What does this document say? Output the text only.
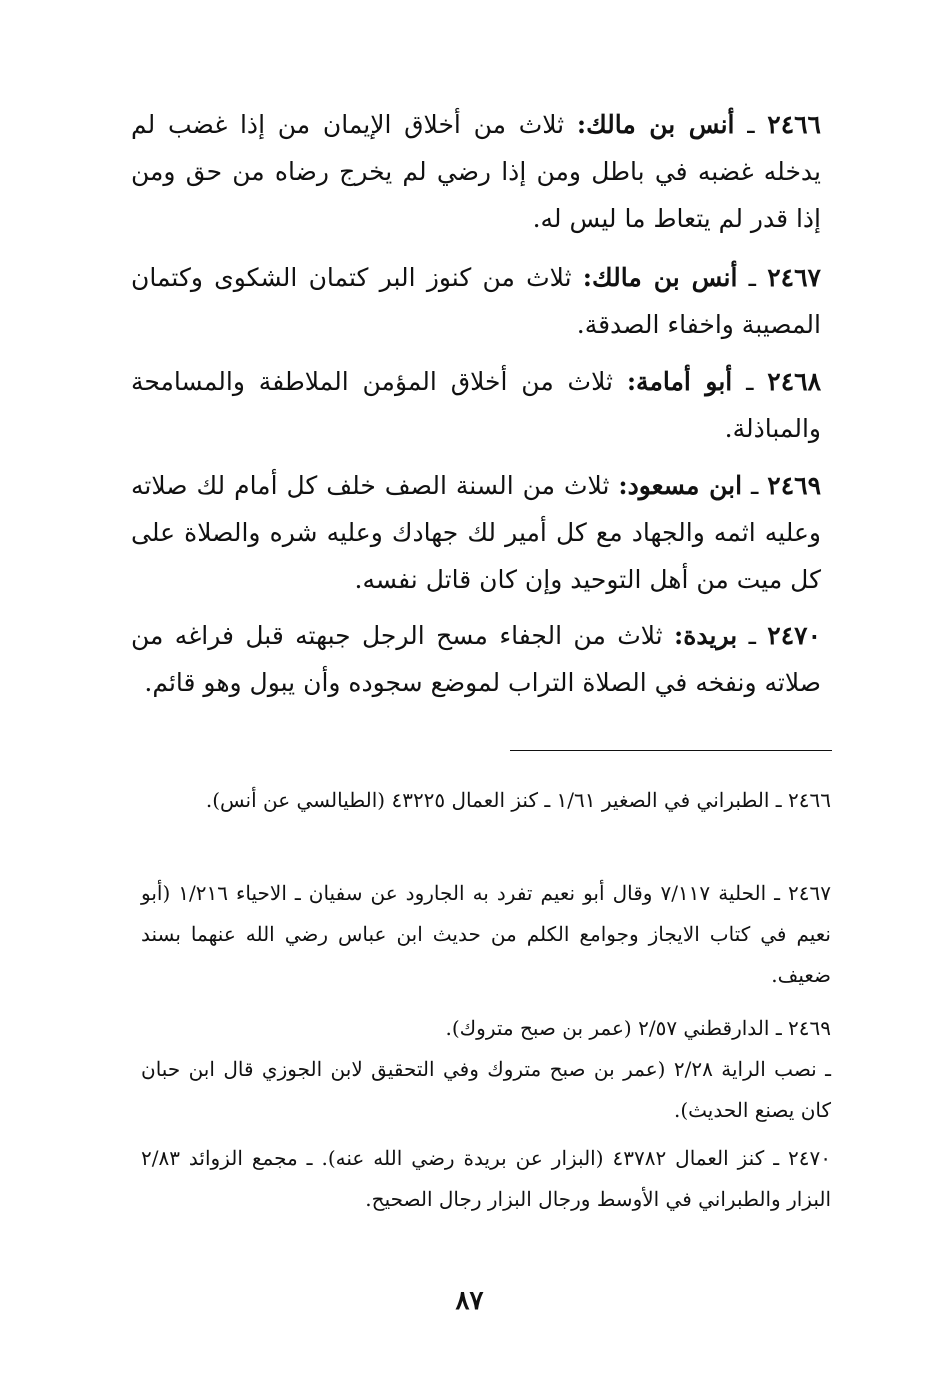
٢٤٦٦ ـ أنس بن مالك: ثلاث من أخلاق الإيمان من إذا غضب لم يدخله غضبه في باطل ومن إذا رضي لم يخرج رضاه من حق ومن إذا قدر لم يتعاط ما ليس له.
٢٤٦٧ ـ أنس بن مالك: ثلاث من كنوز البر كتمان الشكوى وكتمان المصيبة واخفاء الصدقة.
٢٤٦٨ ـ أبو أمامة: ثلاث من أخلاق المؤمن الملاطفة والمسامحة والمباذلة.
٢٤٦٩ ـ ابن مسعود: ثلاث من السنة الصف خلف كل أمام لك صلاته وعليه اثمه والجهاد مع كل أمير لك جهادك وعليه شره والصلاة على كل ميت من أهل التوحيد وإن كان قاتل نفسه.
٢٤٧٠ ـ بريدة: ثلاث من الجفاء مسح الرجل جبهته قبل فراغه من صلاته ونفخه في الصلاة التراب لموضع سجوده وأن يبول وهو قائم.
٢٤٦٦ ـ الطبراني في الصغير ١/٦١ ـ كنز العمال ٤٣٢٢٥ (الطيالسي عن أنس).
٢٤٦٧ ـ الحلية ٧/١١٧ وقال أبو نعيم تفرد به الجارود عن سفيان ـ الاحياء ١/٢١٦ (أبو نعيم في كتاب الايجاز وجوامع الكلم من حديث ابن عباس رضي الله عنهما بسند ضعيف.
٢٤٦٩ ـ الدارقطني ٢/٥٧ (عمر بن صبح متروك).
ـ نصب الراية ٢/٢٨ (عمر بن صبح متروك وفي التحقيق لابن الجوزي قال ابن حبان كان يصنع الحديث).
٢٤٧٠ ـ كنز العمال ٤٣٧٨٢ (البزار عن بريدة رضي الله عنه). ـ مجمع الزوائد ٢/٨٣ البزار والطبراني في الأوسط ورجال البزار رجال الصحيح.
٨٧
